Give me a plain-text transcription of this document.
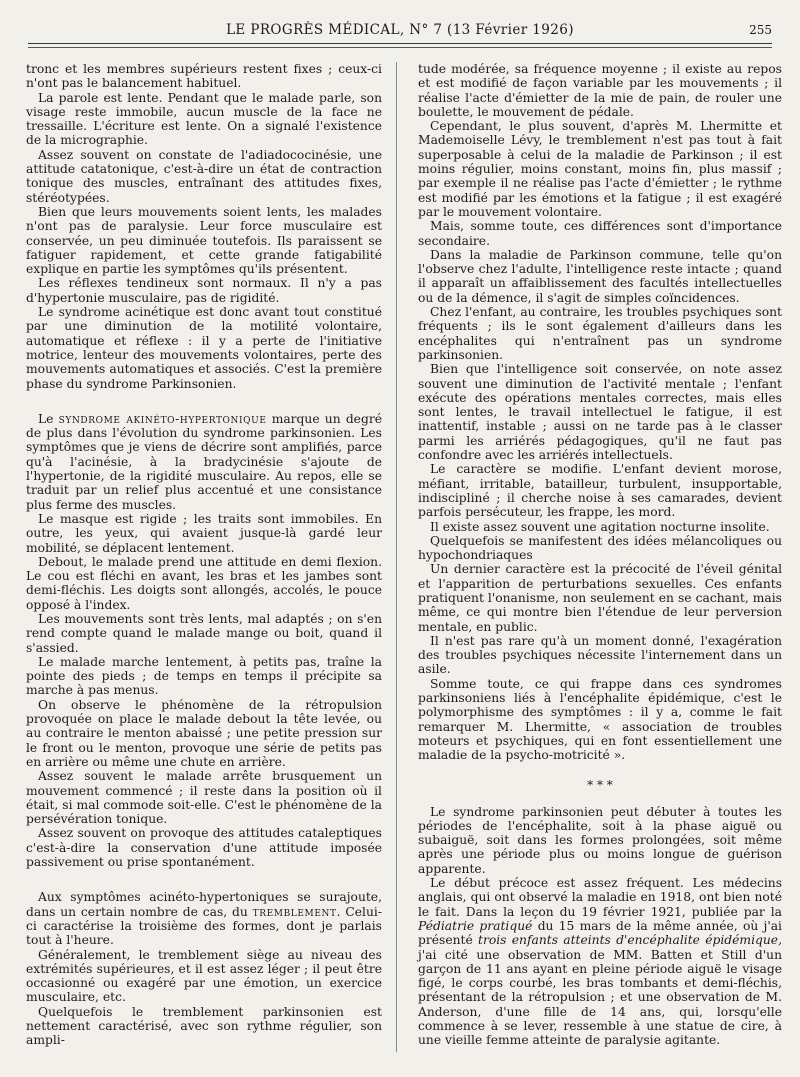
LE PROGRÈS MÉDICAL, N° 7 (13 Février 1926)	255

tronc et les membres supérieurs restent fixes ; ceux-ci n'ont pas le balancement habituel.

La parole est lente. Pendant que le malade parle, son visage reste immobile, aucun muscle de la face ne tressaille. L'écriture est lente. On a signalé l'existence de la micrographie.

Assez souvent on constate de l'adiadococinésie, une attitude catatonique, c'est-à-dire un état de contraction tonique des muscles, entraînant des attitudes fixes, stéréotypées.

Bien que leurs mouvements soient lents, les malades n'ont pas de paralysie. Leur force musculaire est conservée, un peu diminuée toutefois. Ils paraissent se fatiguer rapidement, et cette grande fatigabilité explique en partie les symptômes qu'ils présentent.

Les réflexes tendineux sont normaux. Il n'y a pas d'hypertonie musculaire, pas de rigidité.

Le syndrome acinétique est donc avant tout constitué par une diminution de la motilité volontaire, automatique et réflexe : il y a perte de l'initiative motrice, lenteur des mouvements volontaires, perte des mouvements automatiques et associés. C'est la première phase du syndrome Parkinsonien.

Le syndrome akinéto-hypertonique marque un degré de plus dans l'évolution du syndrome parkinsonien. Les symptômes que je viens de décrire sont amplifiés, parce qu'à l'acinésie, à la bradycinésie s'ajoute de l'hypertonie, de la rigidité musculaire. Au repos, elle se traduit par un relief plus accentué et une consistance plus ferme des muscles.

Le masque est rigide ; les traits sont immobiles. En outre, les yeux, qui avaient jusque-là gardé leur mobilité, se déplacent lentement.

Debout, le malade prend une attitude en demi flexion. Le cou est fléchi en avant, les bras et les jambes sont demi-fléchis. Les doigts sont allongés, accolés, le pouce opposé à l'index.

Les mouvements sont très lents, mal adaptés ; on s'en rend compte quand le malade mange ou boit, quand il s'assied.

Le malade marche lentement, à petits pas, traîne la pointe des pieds ; de temps en temps il précipite sa marche à pas menus.

On observe le phénomène de la rétropulsion provoquée on place le malade debout la tête levée, ou au contraire le menton abaissé ; une petite pression sur le front ou le menton, provoque une série de petits pas en arrière ou même une chute en arrière.

Assez souvent le malade arrête brusquement un mouvement commencé ; il reste dans la position où il était, si mal commode soit-elle. C'est le phénomène de la persévération tonique.

Assez souvent on provoque des attitudes cataleptiques c'est-à-dire la conservation d'une attitude imposée passivement ou prise spontanément.

Aux symptômes acinéto-hypertoniques se surajoute, dans un certain nombre de cas, du tremblement. Celui-ci caractérise la troisième des formes, dont je parlais tout à l'heure.

Généralement, le tremblement siège au niveau des extrémités supérieures, et il est assez léger ; il peut être occasionné ou exagéré par une émotion, un exercice musculaire, etc.

Quelquefois le tremblement parkinsonien est nettement caractérisé, avec son rythme régulier, son ampli-

tude modérée, sa fréquence moyenne ; il existe au repos et est modifié de façon variable par les mouvements ; il réalise l'acte d'émietter de la mie de pain, de rouler une boulette, le mouvement de pédale.

Cependant, le plus souvent, d'après M. Lhermitte et Mademoiselle Lévy, le tremblement n'est pas tout à fait superposable à celui de la maladie de Parkinson ; il est moins régulier, moins constant, moins fin, plus massif ; par exemple il ne réalise pas l'acte d'émietter ; le rythme est modifié par les émotions et la fatigue ; il est exagéré par le mouvement volontaire.

Mais, somme toute, ces différences sont d'importance secondaire.

Dans la maladie de Parkinson commune, telle qu'on l'observe chez l'adulte, l'intelligence reste intacte ; quand il apparaît un affaiblissement des facultés intellectuelles ou de la démence, il s'agit de simples coïncidences.

Chez l'enfant, au contraire, les troubles psychiques sont fréquents ; ils le sont également d'ailleurs dans les encéphalites qui n'entraînent pas un syndrome parkinsonien.

Bien que l'intelligence soit conservée, on note assez souvent une diminution de l'activité mentale ; l'enfant exécute des opérations mentales correctes, mais elles sont lentes, le travail intellectuel le fatigue, il est inattentif, instable ; aussi on ne tarde pas à le classer parmi les arriérés pédagogiques, qu'il ne faut pas confondre avec les arriérés intellectuels.

Le caractère se modifie. L'enfant devient morose, méfiant, irritable, batailleur, turbulent, insupportable, indiscipliné ; il cherche noise à ses camarades, devient parfois persécuteur, les frappe, les mord.

Il existe assez souvent une agitation nocturne insolite.

Quelquefois se manifestent des idées mélancoliques ou hypochondriaques

Un dernier caractère est la précocité de l'éveil génital et l'apparition de perturbations sexuelles. Ces enfants pratiquent l'onanisme, non seulement en se cachant, mais même, ce qui montre bien l'étendue de leur perversion mentale, en public.

Il n'est pas rare qu'à un moment donné, l'exagération des troubles psychiques nécessite l'internement dans un asile.

Somme toute, ce qui frappe dans ces syndromes parkinsoniens liés à l'encéphalite épidémique, c'est le polymorphisme des symptômes : il y a, comme le fait remarquer M. Lhermitte, « association de troubles moteurs et psychiques, qui en font essentiellement une maladie de la psycho-motricité ».

* * *

Le syndrome parkinsonien peut débuter à toutes les périodes de l'encéphalite, soit à la phase aiguë ou subaiguë, soit dans les formes prolongées, soit même après une période plus ou moins longue de guérison apparente.

Le début précoce est assez fréquent. Les médecins anglais, qui ont observé la maladie en 1918, ont bien noté le fait. Dans la leçon du 19 février 1921, publiée par la Pédiatrie pratiqué du 15 mars de la même année, où j'ai présenté trois enfants atteints d'encéphalite épidémique, j'ai cité une observation de MM. Batten et Still d'un garçon de 11 ans ayant en pleine période aiguë le visage figé, le corps courbé, les bras tombants et demi-fléchis, présentant de la rétropulsion ; et une observation de M. Anderson, d'une fille de 14 ans, qui, lorsqu'elle commence à se lever, ressemble à une statue de cire, à une vieille femme atteinte de paralysie agitante.
